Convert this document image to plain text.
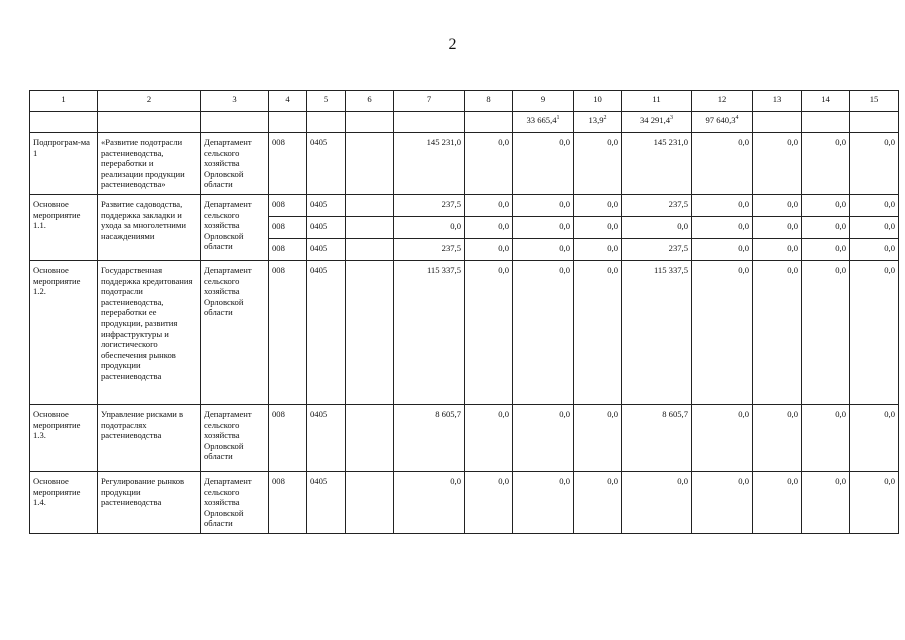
2
1	2	3	4	5	6	7	8	9	10	11	12	13	14	15
								33 665,4$^1$	13,9$^2$	34 291,4$^3$	97 640,3$^4$			
Подпрограм-ма 1	«Развитие подотрасли растениеводства, переработки и реализации продукции растениеводства»	Департамент сельского хозяйства Орловской области	008	0405		145 231,0	0,0	0,0	0,0	145 231,0	0,0	0,0	0,0	0,0
Основное мероприятие 1.1.	Развитие садоводства, поддержка закладки и ухода за многолетними насаждениями	Департамент сельского хозяйства Орловской области	008	0405		237,5	0,0	0,0	0,0	237,5	0,0	0,0	0,0	0,0
			008	0405		0,0	0,0	0,0	0,0	0,0	0,0	0,0	0,0	0,0
			008	0405		237,5	0,0	0,0	0,0	237,5	0,0	0,0	0,0	0,0
Основное мероприятие 1.2.	Государственная поддержка кредитования подотрасли растениеводства, переработки ее продукции, развития инфраструктуры и логистического обеспечения рынков продукции растениеводства	Департамент сельского хозяйства Орловской области	008	0405		115 337,5	0,0	0,0	0,0	115 337,5	0,0	0,0	0,0	0,0
Основное мероприятие 1.3.	Управление рисками в подотраслях растениеводства	Департамент сельского хозяйства Орловской области	008	0405		8 605,7	0,0	0,0	0,0	8 605,7	0,0	0,0	0,0	0,0
Основное мероприятие 1.4.	Регулирование рынков продукции растениеводства	Департамент сельского хозяйства Орловской области	008	0405		0,0	0,0	0,0	0,0	0,0	0,0	0,0	0,0	0,0
